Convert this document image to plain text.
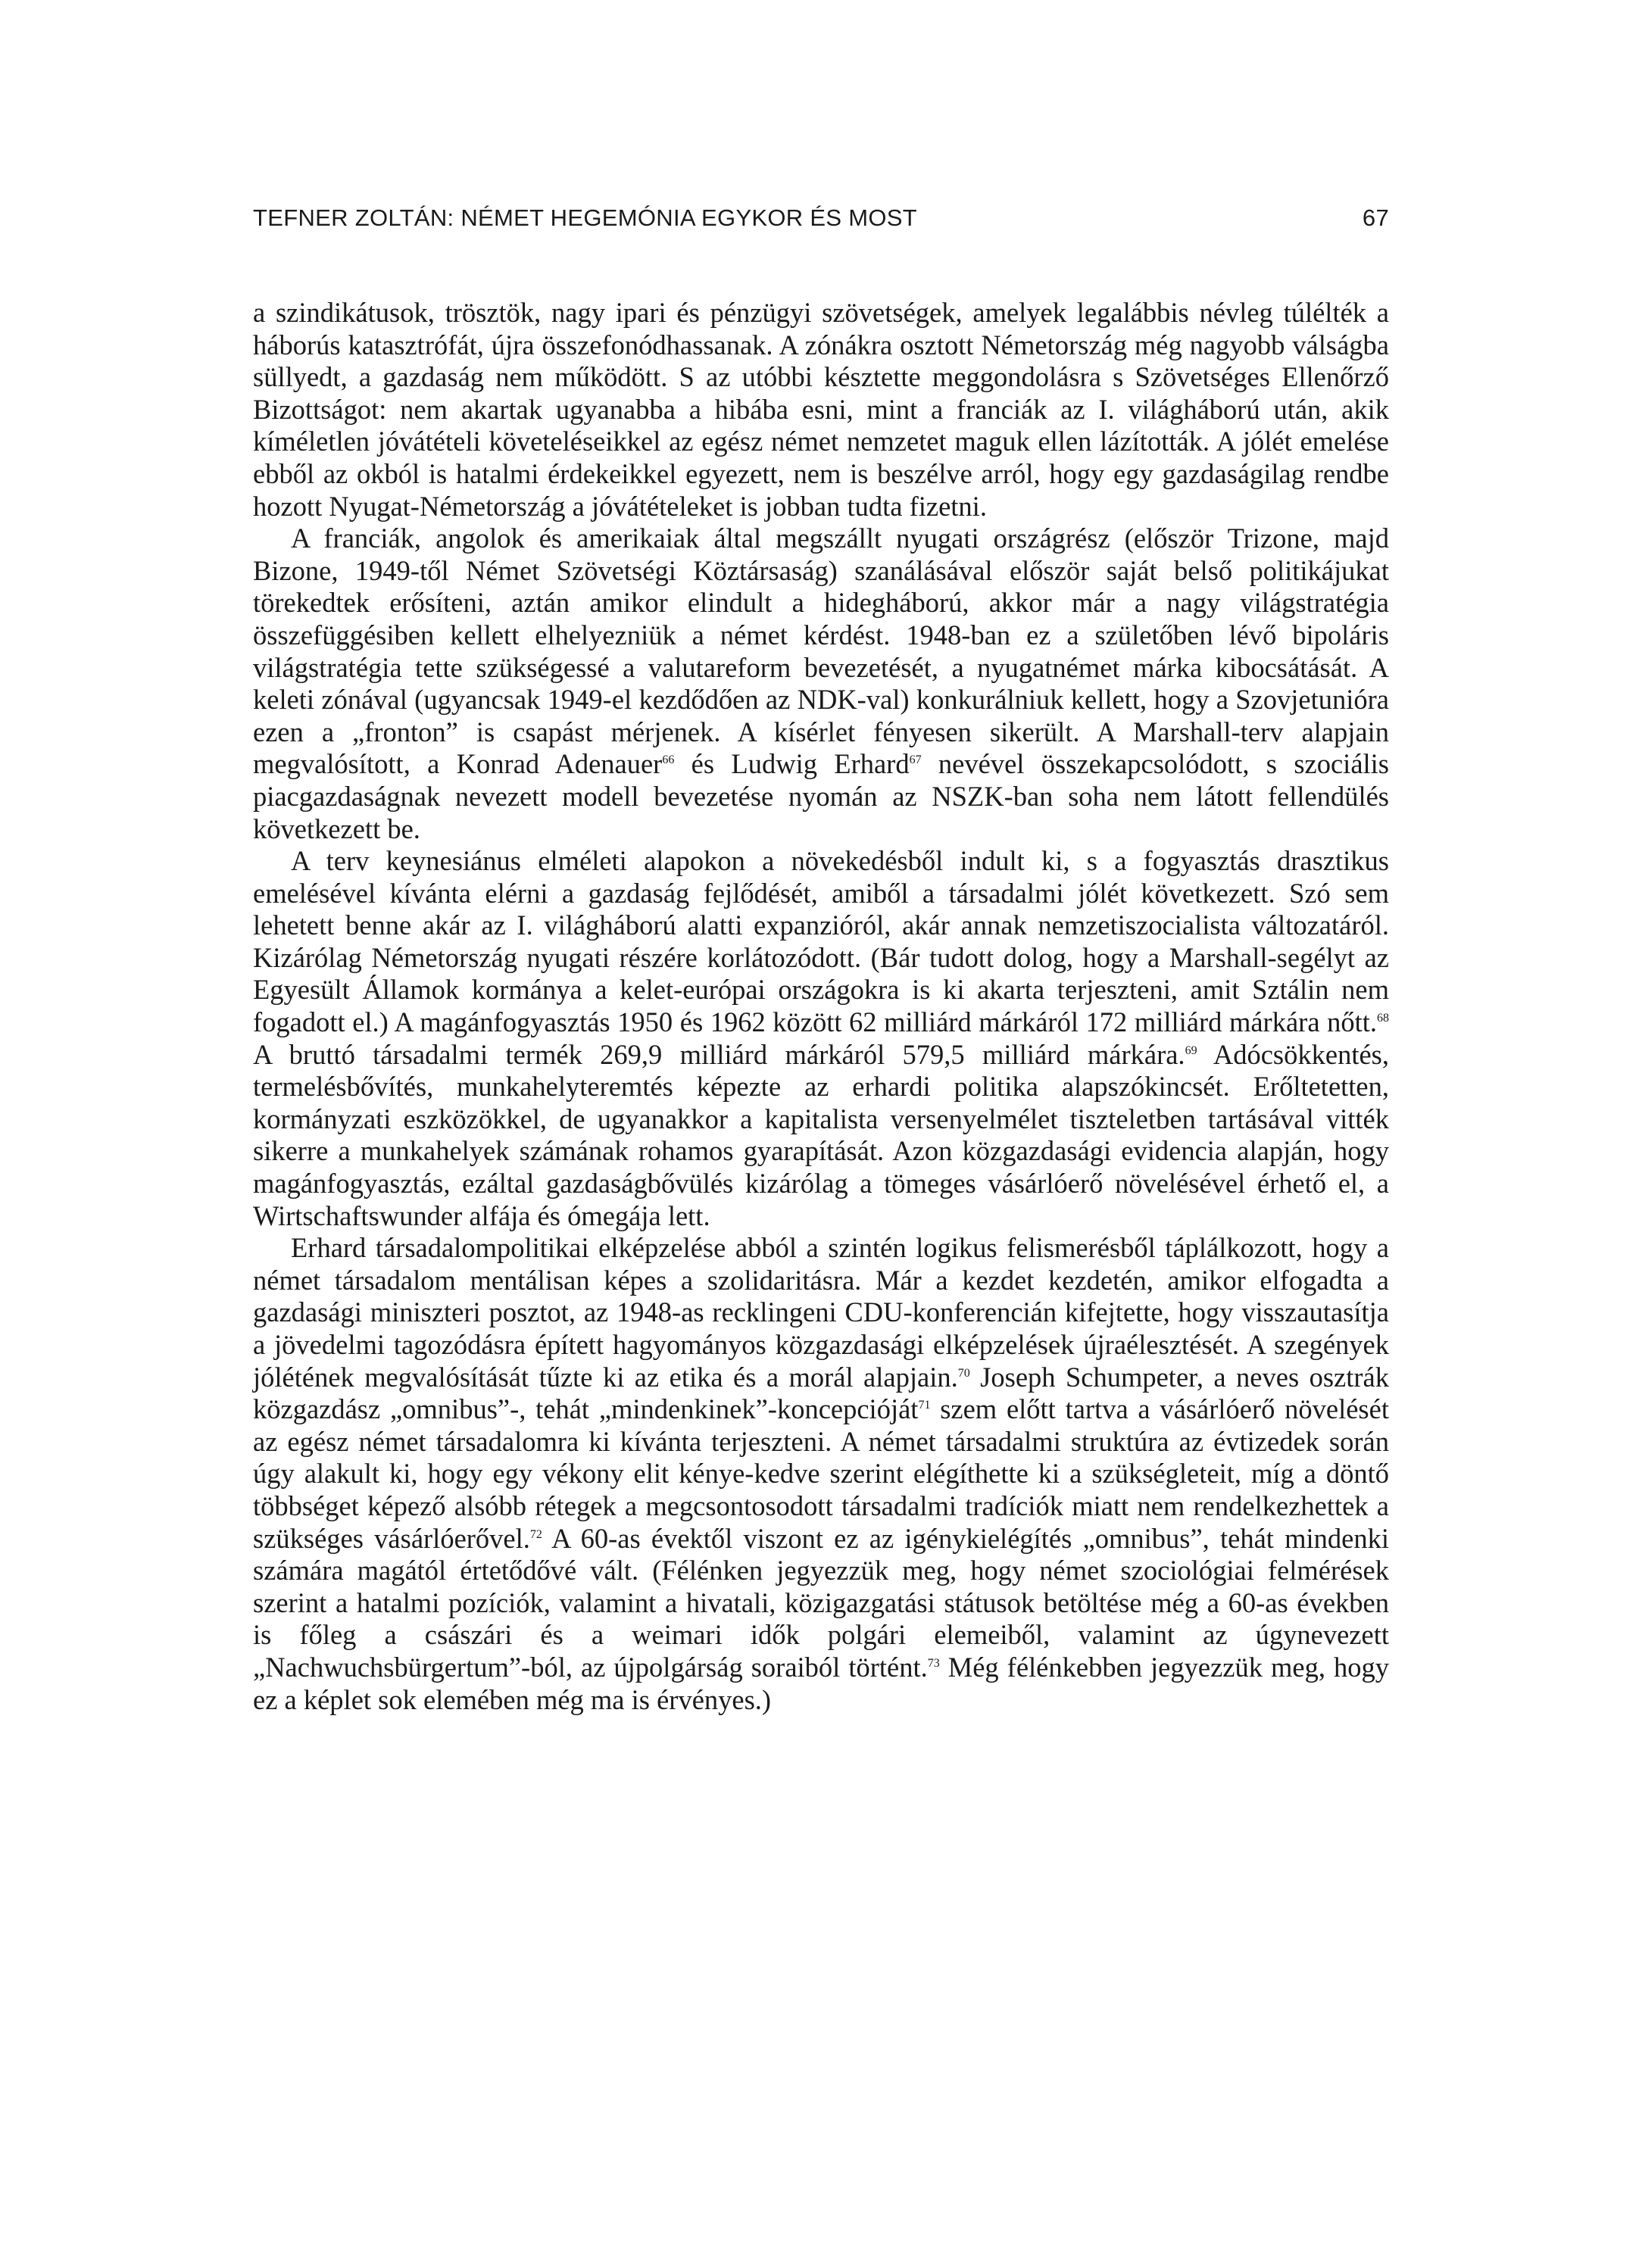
TEFNER ZOLTÁN: NÉMET HEGEMÓNIA EGYKOR ÉS MOST	67

a szindikátusok, trösztök, nagy ipari és pénzügyi szövetségek, amelyek legalábbis névleg túlélték a háborús katasztrófát, újra összefonódhassanak. A zónákra osztott Németország még nagyobb válságba süllyedt, a gazdaság nem működött. S az utóbbi késztette meggondolásra s Szövetséges Ellenőrző Bizottságot: nem akartak ugyanabba a hibába esni, mint a franciák az I. világháború után, akik kíméletlen jóvátételi követeléseikkel az egész német nemzetet maguk ellen lázították. A jólét emelése ebből az okból is hatalmi érdekeikkel egyezett, nem is beszélve arról, hogy egy gazdaságilag rendbe hozott Nyugat-Németország a jóvátételeket is jobban tudta fizetni.

A franciák, angolok és amerikaiak által megszállt nyugati országrész (először Trizone, majd Bizone, 1949-től Német Szövetségi Köztársaság) szanálásával először saját belső politikájukat törekedtek erősíteni, aztán amikor elindult a hidegháború, akkor már a nagy világstratégia összefüggésiben kellett elhelyezniük a német kérdést. 1948-ban ez a születőben lévő bipoláris világstratégia tette szükségessé a valutareform bevezetését, a nyugatnémet márka kibocsátását. A keleti zónával (ugyancsak 1949-el kezdődően az NDK-val) konkurálniuk kellett, hogy a Szovjetunióra ezen a „fronton” is csapást mérjenek. A kísérlet fényesen sikerült. A Marshall-terv alapjain megvalósított, a Konrad Adenauer$^{66}$ és Ludwig Erhard$^{67}$ nevével összekapcsolódott, s szociális piacgazdaságnak nevezett modell bevezetése nyomán az NSZK-ban soha nem látott fellendülés következett be.

A terv keynesiánus elméleti alapokon a növekedésből indult ki, s a fogyasztás drasztikus emelésével kívánta elérni a gazdaság fejlődését, amiből a társadalmi jólét következett. Szó sem lehetett benne akár az I. világháború alatti expanzióról, akár annak nemzetiszocialista változatáról. Kizárólag Németország nyugati részére korlátozódott. (Bár tudott dolog, hogy a Marshall-segélyt az Egyesült Államok kormánya a kelet-európai országokra is ki akarta terjeszteni, amit Sztálin nem fogadott el.) A magánfogyasztás 1950 és 1962 között 62 milliárd márkáról 172 milliárd márkára nőtt.$^{68}$ A bruttó társadalmi termék 269,9 milliárd márkáról 579,5 milliárd márkára.$^{69}$ Adócsökkentés, termelésbővítés, munkahelyteremtés képezte az erhardi politika alapszókincsét. Erőltetetten, kormányzati eszközökkel, de ugyanakkor a kapitalista versenyelmélet tiszteletben tartásával vitték sikerre a munkahelyek számának rohamos gyarapítását. Azon közgazdasági evidencia alapján, hogy magánfogyasztás, ezáltal gazdaságbővülés kizárólag a tömeges vásárlóerő növelésével érhető el, a Wirtschaftswunder alfája és ómegája lett.

Erhard társadalompolitikai elképzelése abból a szintén logikus felismerésből táplálkozott, hogy a német társadalom mentálisan képes a szolidaritásra. Már a kezdet kezdetén, amikor elfogadta a gazdasági miniszteri posztot, az 1948-as recklingeni CDU-konferencián kifejtette, hogy visszautasítja a jövedelmi tagozódásra épített hagyományos közgazdasági elképzelések újraélesztését. A szegények jólétének megvalósítását tűzte ki az etika és a morál alapjain.$^{70}$ Joseph Schumpeter, a neves osztrák közgazdász „omnibus”-, tehát „mindenkinek”-koncepcióját$^{71}$ szem előtt tartva a vásárlóerő növelését az egész német társadalomra ki kívánta terjeszteni. A német társadalmi struktúra az évtizedek során úgy alakult ki, hogy egy vékony elit kénye-kedve szerint elégíthette ki a szükségleteit, míg a döntő többséget képező alsóbb rétegek a megcsontosodott társadalmi tradíciók miatt nem rendelkezhettek a szükséges vásárlóerővel.$^{72}$ A 60-as évektől viszont ez az igénykielégítés „omnibus”, tehát mindenki számára magától értetődővé vált. (Félénken jegyezzük meg, hogy német szociológiai felmérések szerint a hatalmi pozíciók, valamint a hivatali, közigazgatási státusok betöltése még a 60-as években is főleg a császári és a weimari idők polgári elemeiből, valamint az úgynevezett „Nachwuchsbürgertum”-ból, az újpolgárság soraiból történt.$^{73}$ Még félénkebben jegyezzük meg, hogy ez a képlet sok elemében még ma is érvényes.)
